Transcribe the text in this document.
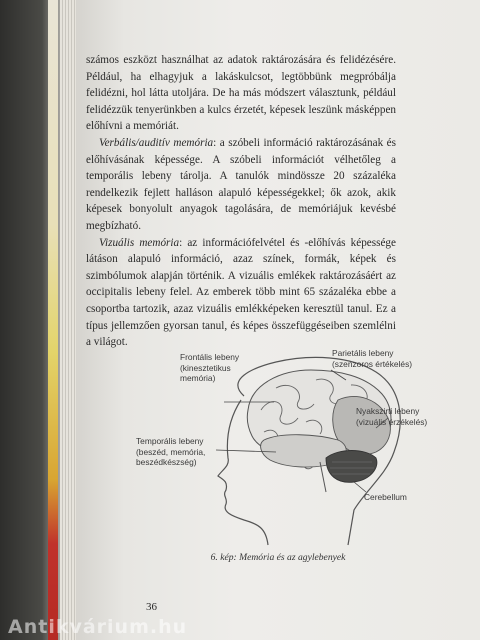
számos eszközt használhat az adatok raktározására és felidézésére. Például, ha elhagyjuk a lakáskulcsot, legtöbbünk megpróbálja felidézni, hol látta utoljára. De ha más módszert választunk, például felidézzük tenyerünkben a kulcs érzetét, képesek leszünk másképpen előhívni a memóriát.

Verbális/auditív memória: a szóbeli információ raktározásának és előhívásának képessége. A szóbeli információt vélhetőleg a temporális lebeny tárolja. A tanulók mindössze 20 százaléka rendelkezik fejlett halláson alapuló képességekkel; ők azok, akik képesek bonyolult anyagok tagolására, de memóriájuk kevésbé megbízható.

Vizuális memória: az információfelvétel és -előhívás képessége látáson alapuló információ, azaz színek, formák, képek és szimbólumok alapján történik. A vizuális emlékek raktározásáért az occipitalis lebeny felel. Az emberek több mint 65 százaléka ebbe a csoportba tartozik, azaz vizuális emlékképeken keresztül tanul. Ez a típus jellemzően gyorsan tanul, és képes összefüggéseiben szemlélni a világot.

Frontális lebeny
(kinesztetikus
memória)
Parietális lebeny
(szenzoros értékelés)
Nyakszirti lebeny
(vizuális érzékelés)
Temporális lebeny
(beszéd, memória,
beszédkészség)
Cerebellum
6. kép: Memória és az agylebenyek
36
Antikvárium.hu
